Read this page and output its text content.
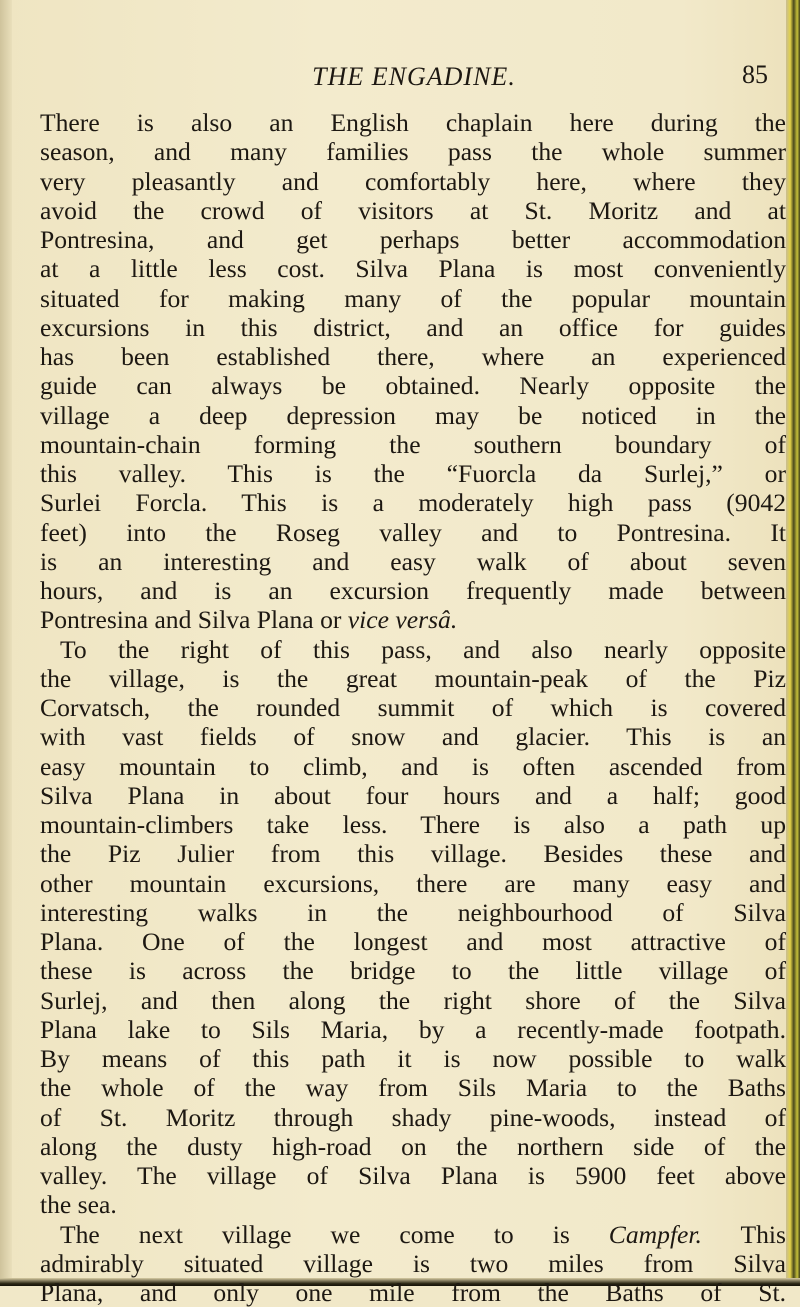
THE ENGADINE.	85
There is also an English chaplain here during the
season, and many families pass the whole summer
very pleasantly and comfortably here, where they
avoid the crowd of visitors at St. Moritz and at
Pontresina, and get perhaps better accommodation
at a little less cost. Silva Plana is most conveniently
situated for making many of the popular mountain
excursions in this district, and an office for guides
has been established there, where an experienced
guide can always be obtained. Nearly opposite the
village a deep depression may be noticed in the
mountain-chain forming the southern boundary of
this valley. This is the “Fuorcla da Surlej,” or
Surlei Forcla. This is a moderately high pass (9042
feet) into the Roseg valley and to Pontresina. It
is an interesting and easy walk of about seven
hours, and is an excursion frequently made between
Pontresina and Silva Plana or vice versâ.
To the right of this pass, and also nearly opposite
the village, is the great mountain-peak of the Piz
Corvatsch, the rounded summit of which is covered
with vast fields of snow and glacier. This is an
easy mountain to climb, and is often ascended from
Silva Plana in about four hours and a half; good
mountain-climbers take less. There is also a path up
the Piz Julier from this village. Besides these and
other mountain excursions, there are many easy and
interesting walks in the neighbourhood of Silva
Plana. One of the longest and most attractive of
these is across the bridge to the little village of
Surlej, and then along the right shore of the Silva
Plana lake to Sils Maria, by a recently-made footpath.
By means of this path it is now possible to walk
the whole of the way from Sils Maria to the Baths
of St. Moritz through shady pine-woods, instead of
along the dusty high-road on the northern side of the
valley. The village of Silva Plana is 5900 feet above
the sea.
The next village we come to is Campfer. This
admirably situated village is two miles from Silva
Plana, and only one mile from the Baths of St.
